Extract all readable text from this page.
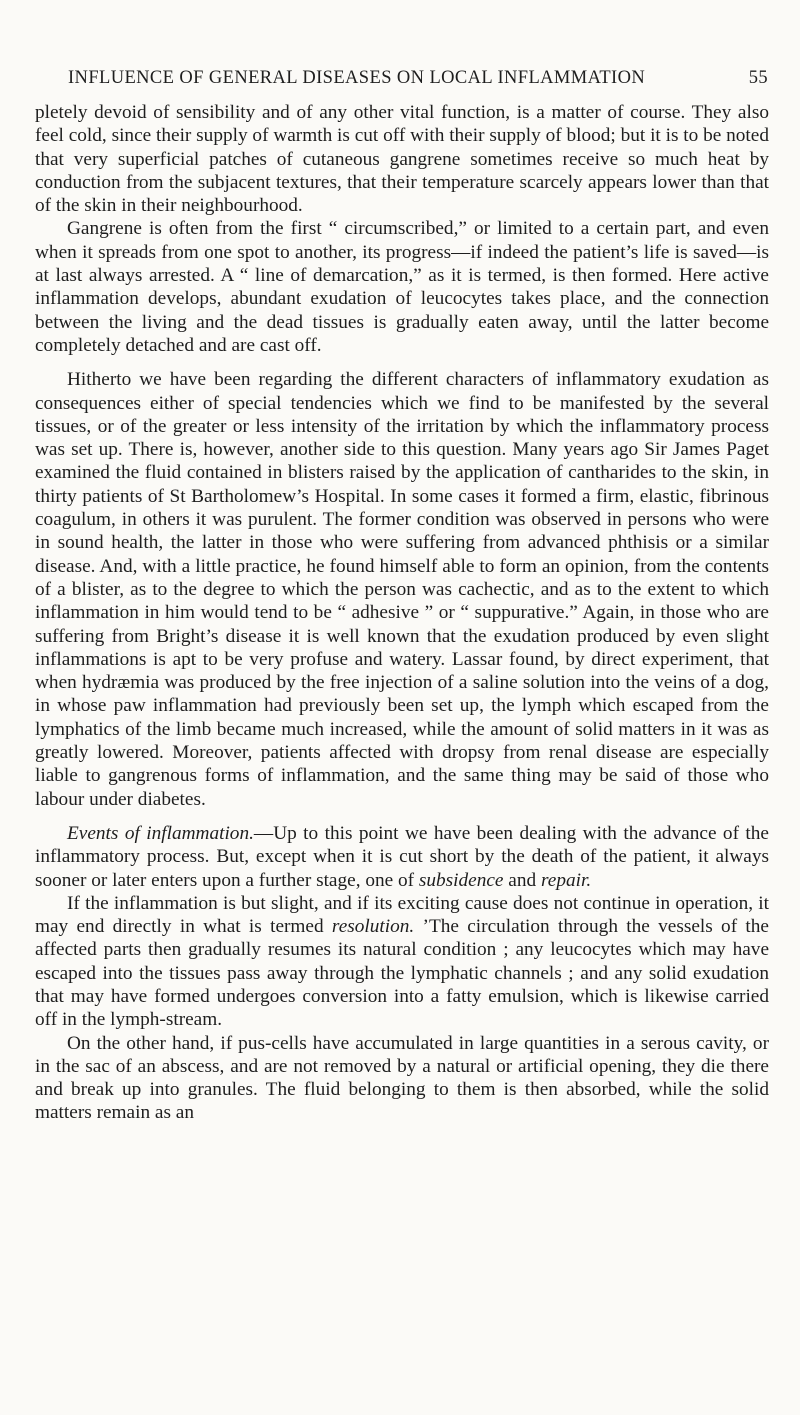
INFLUENCE OF GENERAL DISEASES ON LOCAL INFLAMMATION	55

pletely devoid of sensibility and of any other vital function, is a matter of course. They also feel cold, since their supply of warmth is cut off with their supply of blood; but it is to be noted that very superficial patches of cutaneous gangrene sometimes receive so much heat by conduction from the subjacent textures, that their temperature scarcely appears lower than that of the skin in their neighbourhood.

Gangrene is often from the first “ circumscribed,” or limited to a certain part, and even when it spreads from one spot to another, its progress—if indeed the patient’s life is saved—is at last always arrested. A “ line of demarcation,” as it is termed, is then formed. Here active inflammation develops, abundant exudation of leucocytes takes place, and the connection between the living and the dead tissues is gradually eaten away, until the latter become completely detached and are cast off.

Hitherto we have been regarding the different characters of inflammatory exudation as consequences either of special tendencies which we find to be manifested by the several tissues, or of the greater or less intensity of the irritation by which the inflammatory process was set up. There is, however, another side to this question. Many years ago Sir James Paget examined the fluid contained in blisters raised by the application of cantharides to the skin, in thirty patients of St Bartholomew’s Hospital. In some cases it formed a firm, elastic, fibrinous coagulum, in others it was purulent. The former condition was observed in persons who were in sound health, the latter in those who were suffering from advanced phthisis or a similar disease. And, with a little practice, he found himself able to form an opinion, from the contents of a blister, as to the degree to which the person was cachectic, and as to the extent to which inflammation in him would tend to be “ adhesive ” or “ suppurative.” Again, in those who are suffering from Bright’s disease it is well known that the exudation produced by even slight inflammations is apt to be very profuse and watery. Lassar found, by direct experiment, that when hydræmia was produced by the free injection of a saline solution into the veins of a dog, in whose paw inflammation had previously been set up, the lymph which escaped from the lymphatics of the limb became much increased, while the amount of solid matters in it was as greatly lowered. Moreover, patients affected with dropsy from renal disease are especially liable to gangrenous forms of inflammation, and the same thing may be said of those who labour under diabetes.

Events of inflammation.—Up to this point we have been dealing with the advance of the inflammatory process. But, except when it is cut short by the death of the patient, it always sooner or later enters upon a further stage, one of subsidence and repair.

If the inflammation is but slight, and if its exciting cause does not continue in operation, it may end directly in what is termed resolution. ’The circulation through the vessels of the affected parts then gradually resumes its natural condition ; any leucocytes which may have escaped into the tissues pass away through the lymphatic channels ; and any solid exudation that may have formed undergoes conversion into a fatty emulsion, which is likewise carried off in the lymph-stream.

On the other hand, if pus-cells have accumulated in large quantities in a serous cavity, or in the sac of an abscess, and are not removed by a natural or artificial opening, they die there and break up into granules. The fluid belonging to them is then absorbed, while the solid matters remain as an
